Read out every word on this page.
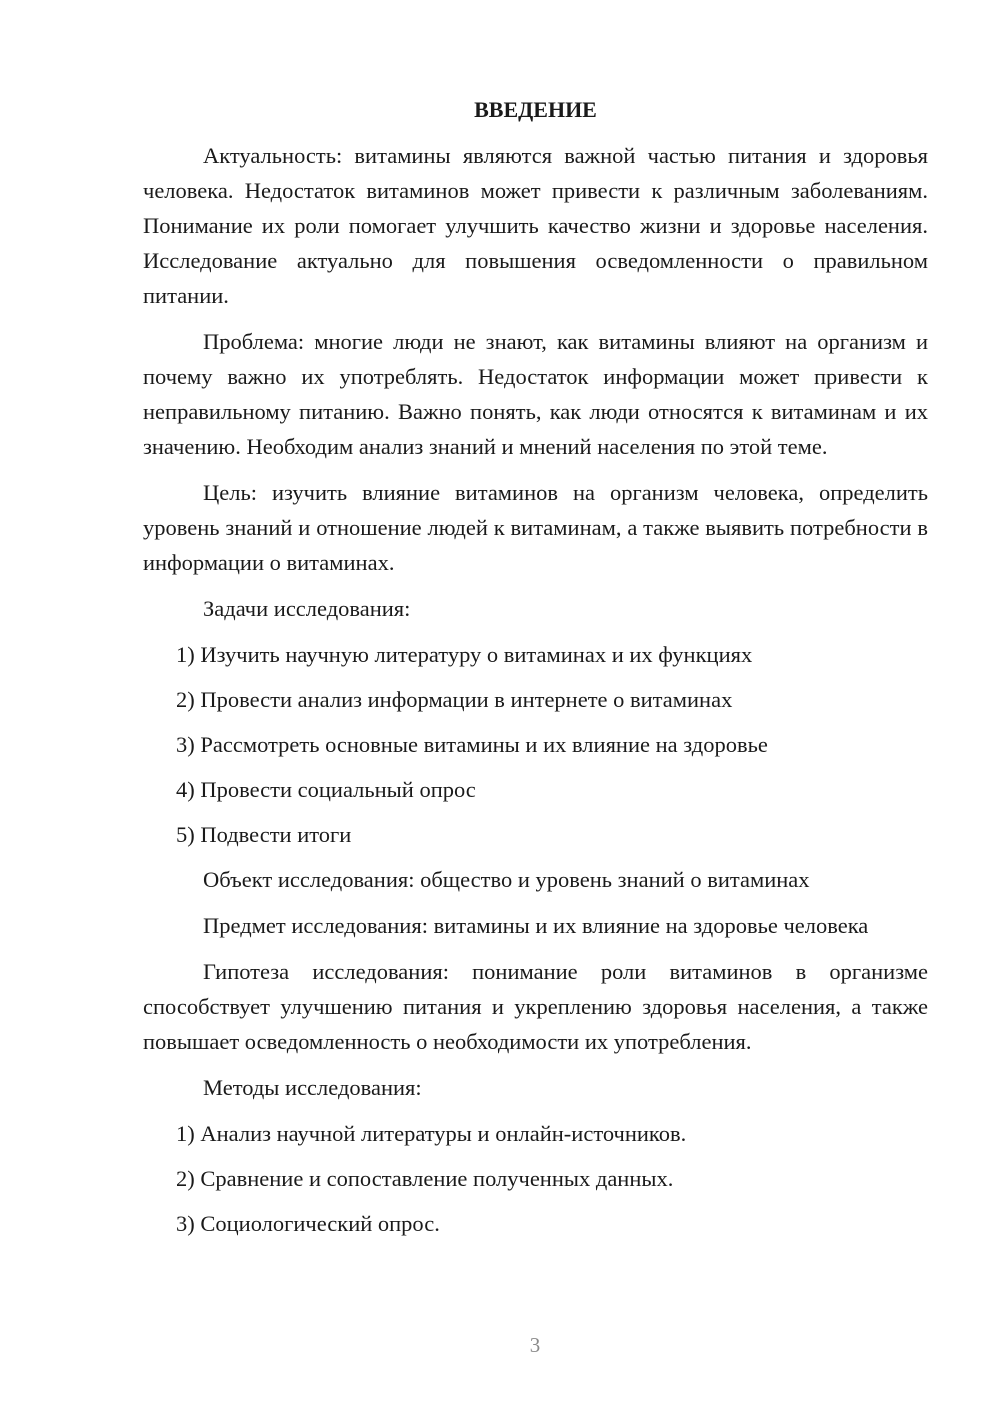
ВВЕДЕНИЕ
Актуальность: витамины являются важной частью питания и здоровья человека. Недостаток витаминов может привести к различным заболеваниям. Понимание их роли помогает улучшить качество жизни и здоровье населения. Исследование актуально для повышения осведомленности о правильном питании.
Проблема: многие люди не знают, как витамины влияют на организм и почему важно их употреблять. Недостаток информации может привести к неправильному питанию. Важно понять, как люди относятся к витаминам и их значению. Необходим анализ знаний и мнений населения по этой теме.
Цель: изучить влияние витаминов на организм человека, определить уровень знаний и отношение людей к витаминам, а также выявить потребности в информации о витаминах.
Задачи исследования:
1) Изучить научную литературу о витаминах и их функциях
2) Провести анализ информации в интернете о витаминах
3) Рассмотреть основные витамины и их влияние на здоровье
4) Провести социальный опрос
5) Подвести итоги
Объект исследования: общество и уровень знаний о витаминах
Предмет исследования: витамины и их влияние на здоровье человека
Гипотеза исследования: понимание роли витаминов в организме способствует улучшению питания и укреплению здоровья населения, а также повышает осведомленность о необходимости их употребления.
Методы исследования:
1) Анализ научной литературы и онлайн-источников.
2) Сравнение и сопоставление полученных данных.
3) Социологический опрос.
3
